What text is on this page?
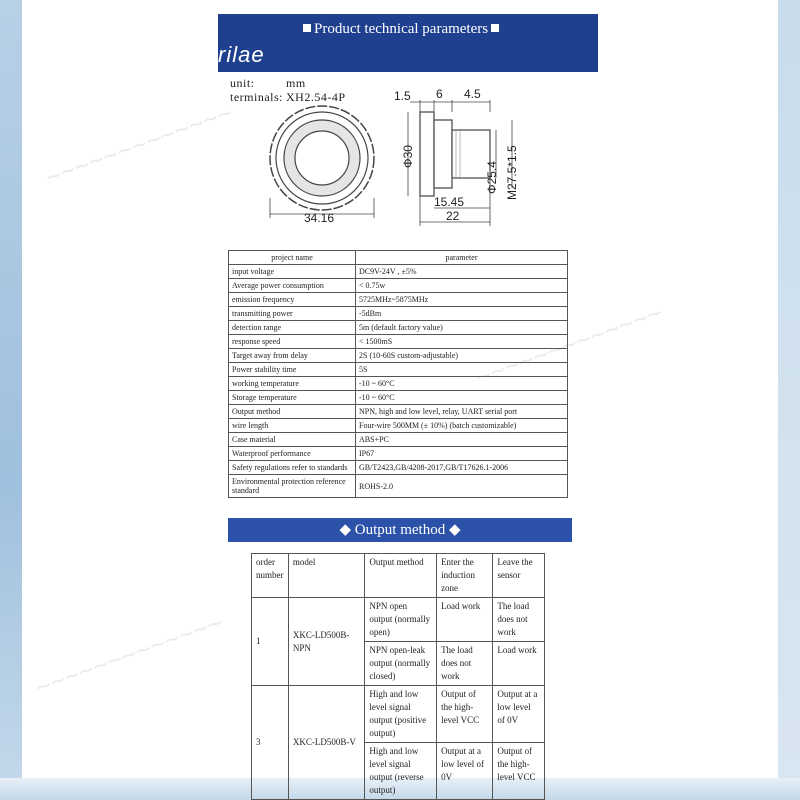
rilae
Product technical parameters
unit:	mm
terminals: XH2.54-4P
34.16
1.5 6 4.5
Φ30
Φ25.4 M27.5*1.5
15.45
22
project name	parameter
input voltage	DC9V-24V , ±5%
Average power consumption	< 0.75w
emission frequency	5725MHz~5875MHz
transmitting power	-5dBm
detection range	5m (default factory value)
response speed	< 1500mS
Target away from delay	2S (10-60S custom-adjustable)
Power stability time	5S
working temperature	-10 ~ 60°C
Storage temperature	-10 ~ 60°C
Output method	NPN, high and low level, relay, UART serial port
wire length	Four-wire 500MM (± 10%) (batch customizable)
Case material	ABS+PC
Waterproof performance	IP67
Safety regulations refer to standards	GB/T2423,GB/4208-2017,GB/T17626.1-2006
Environmental protection reference standard	ROHS-2.0
◆ Output method ◆
order number	model	Output method	Enter the induction zone	Leave the sensor
1	XKC-LD500B-NPN	NPN open output (normally open)	Load work	The load does not work
		NPN open-leak output (normally closed)	The load does not work	Load work
3	XKC-LD500B-V	High and low level signal output (positive output)	Output of the high-level VCC	Output at a low level of 0V
		High and low level signal output (reverse output)	Output at a low level of 0V	Output of the high-level VCC
